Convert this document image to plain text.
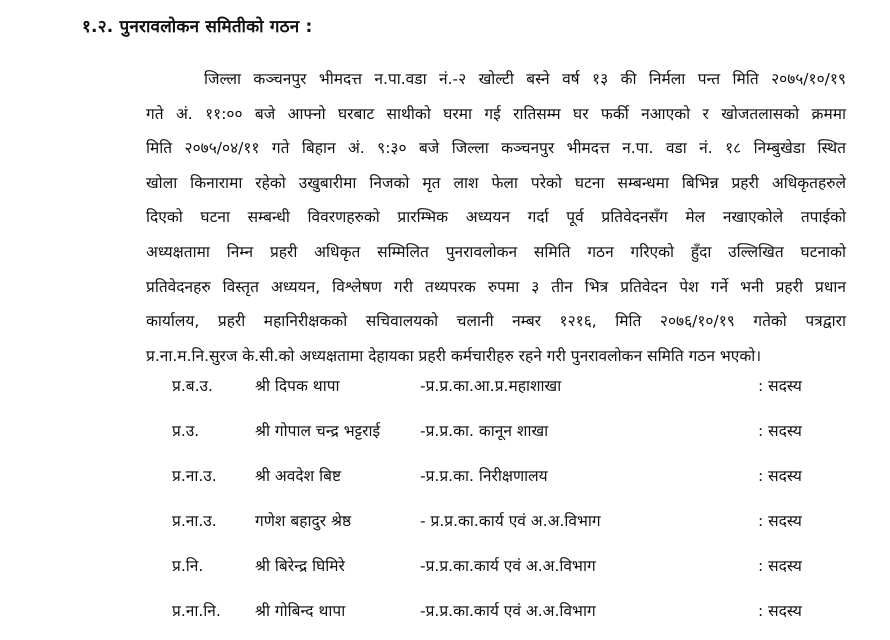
१.२. पुनरावलोकन समितीको गठन :
जिल्ला कञ्चनपुर भीमदत्त न.पा.वडा नं.-२ खोल्टी बस्ने वर्ष १३ की निर्मला पन्त मिति २०७५/१०/१९
गते अं. ११:०० बजे आफ्नो घरबाट साथीको घरमा गई रातिसम्म घर फर्की नआएको र खोजतलासको क्रममा
मिति २०७५/०४/११ गते बिहान अं. ९:३० बजे जिल्ला कञ्चनपुर भीमदत्त न.पा. वडा नं. १८ निम्बुखेडा स्थित
खोला किनारामा रहेको उखुबारीमा निजको मृत लाश फेला परेको घटना सम्बन्धमा बिभिन्न प्रहरी अधिकृतहरुले
दिएको घटना सम्बन्धी विवरणहरुको प्रारम्भिक अध्ययन गर्दा पूर्व प्रतिवेदनसँग मेल नखाएकोले तपाईको
अध्यक्षतामा निम्न प्रहरी अधिकृत सम्मिलित पुनरावलोकन समिति गठन गरिएको हुँदा उल्लिखित घटनाको
प्रतिवेदनहरु विस्तृत अध्ययन, विश्लेषण गरी तथ्यपरक रुपमा ३ तीन भित्र प्रतिवेदन पेश गर्ने भनी प्रहरी प्रधान
कार्यालय, प्रहरी महानिरीक्षकको सचिवालयको चलानी नम्बर १२१६, मिति २०७६/१०/१९ गतेको पत्रद्वारा
प्र.ना.म.नि.सुरज के.सी.को अध्यक्षतामा देहायका प्रहरी कर्मचारीहरु रहने गरी पुनरावलोकन समिति गठन भएको।
प्र.ब.उ.	श्री दिपक थापा	-प्र.प्र.का.आ.प्र.महाशाखा	: सदस्य
प्र.उ.	श्री गोपाल चन्द्र भट्टराई	-प्र.प्र.का. कानून शाखा	: सदस्य
प्र.ना.उ. श्री अवदेश बिष्ट	-प्र.प्र.का. निरीक्षणालय	: सदस्य
प्र.ना.उ. गणेश बहादुर श्रेष्ठ	- प्र.प्र.का.कार्य एवं अ.अ.विभाग	: सदस्य
प्र.नि.	श्री बिरेन्द्र घिमिरे	-प्र.प्र.का.कार्य एवं अ.अ.विभाग	: सदस्य
प्र.ना.नि. श्री गोबिन्द थापा	-प्र.प्र.का.कार्य एवं अ.अ.विभाग	: सदस्य
